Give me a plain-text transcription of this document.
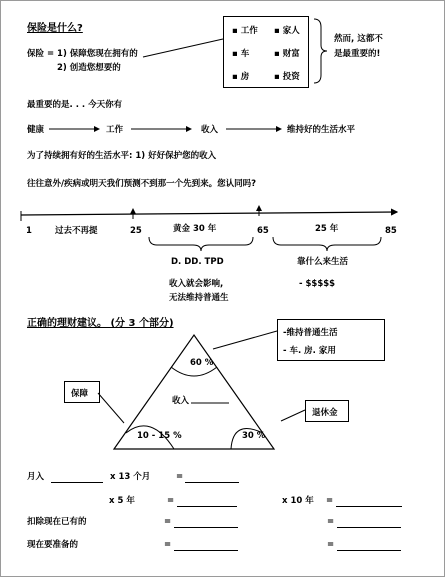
保险是什么?
保险 = 1) 保障您现在拥有的
2) 创造您想要的
▪ 工作 ▪ 家人
▪ 车	▪ 财富
▪ 房	▪ 投资
然而, 这都不
是最重要的!
最重要的是. . . 今天你有
健康	工作	收入	维持好的生活水平
为了持续拥有好的生活水平: 1) 好好保护您的收入
往往意外/疾病或明天我们预测不到那一个先到来。您认同吗?
1	过去不再提	25	黄金 30 年	65	25 年	85
D. DD. TPD	靠什么来生活
收入就会影响,
无法维持普通生
- $$$$$
正确的理财建议。 (分 3 个部分)
60 %
收入
10 - 15 %	30 %
保障
退休金
-维持普通生活
- 车. 房. 家用
月入	x 13 个月	=
x 5 年	=	x 10 年 =
扣除现在已有的	=	=
现在要准备的	=	=
